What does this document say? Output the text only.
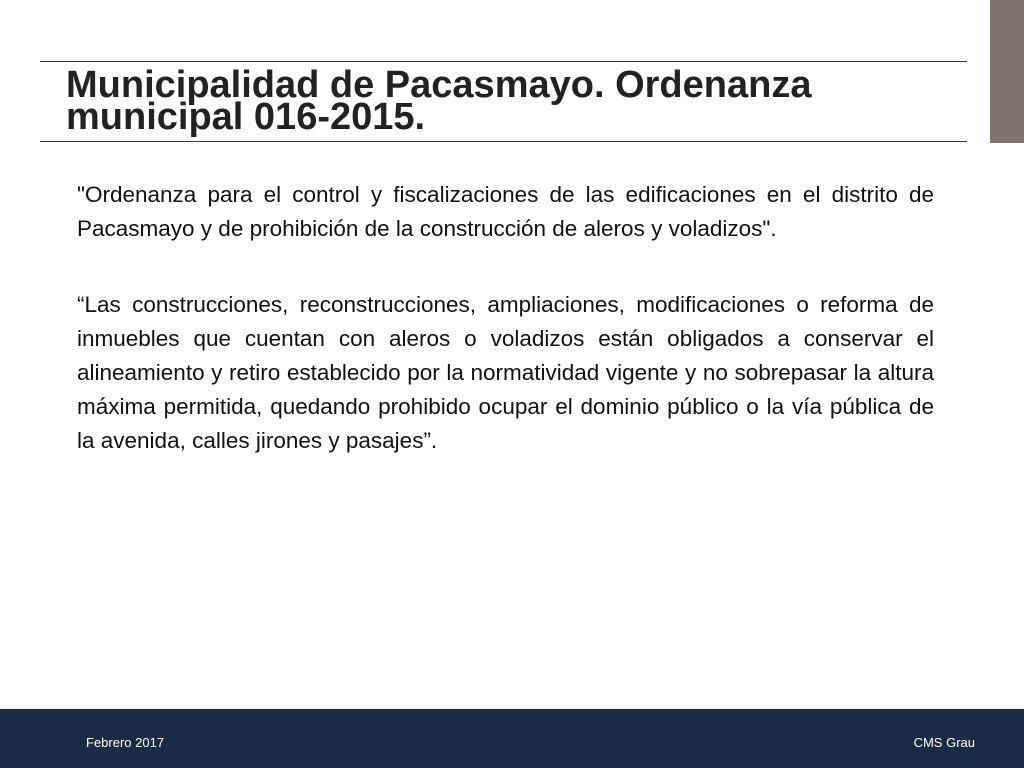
Municipalidad de Pacasmayo. Ordenanza municipal 016-2015.

"Ordenanza para el control y fiscalizaciones de las edificaciones en el distrito de Pacasmayo y de prohibición de la construcción de aleros y voladizos".

“Las construcciones, reconstrucciones, ampliaciones, modificaciones o reforma de inmuebles que cuentan con aleros o voladizos están obligados a conservar el alineamiento y retiro establecido por la normatividad vigente y no sobrepasar la altura máxima permitida, quedando prohibido ocupar el dominio público o la vía pública de la avenida, calles jirones y pasajes”.

Febrero 2017	CMS Grau
